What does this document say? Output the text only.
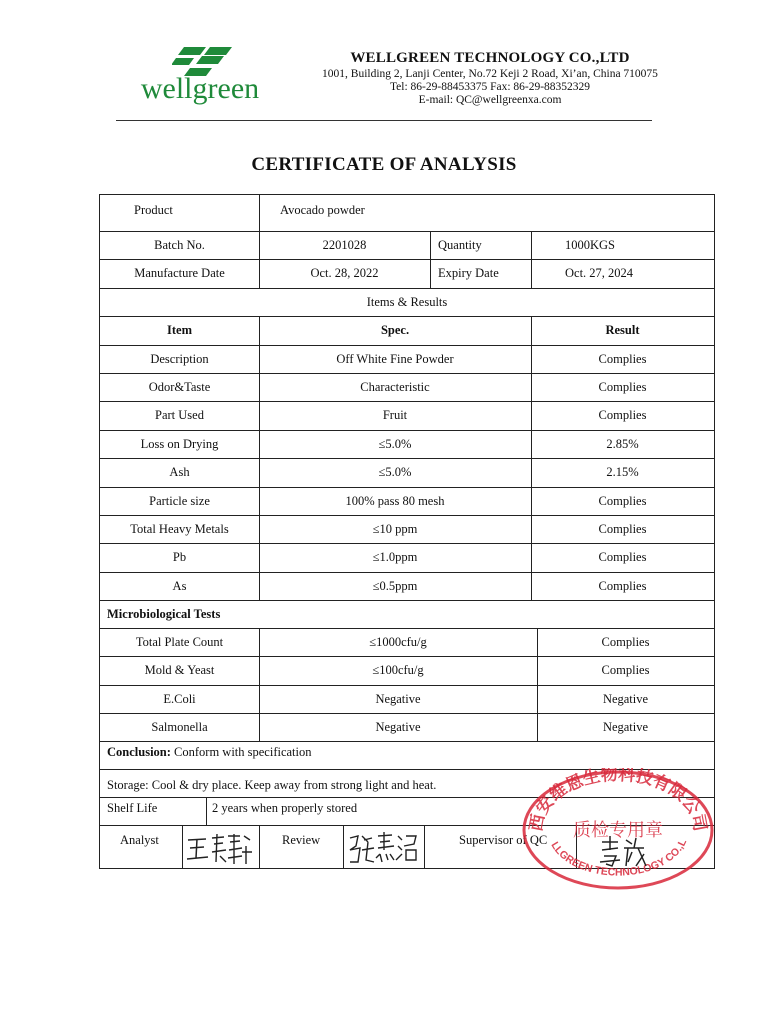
wellgreen
WELLGREEN TECHNOLOGY CO.,LTD
1001, Building 2, Lanji Center, No.72 Keji 2 Road, Xi’an, China 710075
Tel: 86-29-88453375 Fax: 86-29-88352329
E-mail: QC@wellgreenxa.com
CERTIFICATE OF ANALYSIS
Product	Avocado powder
Batch No.	2201028	Quantity	1000KGS
Manufacture Date	Oct. 28, 2022	Expiry Date	Oct. 27, 2024
Items & Results
Item	Spec.	Result
Description	Off White Fine Powder	Complies
Odor&Taste	Characteristic	Complies
Part Used	Fruit	Complies
Loss on Drying	≤5.0%	2.85%
Ash	≤5.0%	2.15%
Particle size	100% pass 80 mesh	Complies
Total Heavy Metals	≤10 ppm	Complies
Pb	≤1.0ppm	Complies
As	≤0.5ppm	Complies
Microbiological Tests
Total Plate Count	≤1000cfu/g	Complies
Mold & Yeast	≤100cfu/g	Complies
E.Coli	Negative	Negative
Salmonella	Negative	Negative
Conclusion: Conform with specification
Storage: Cool & dry place. Keep away from strong light and heat.
Shelf Life	2 years when properly stored
Analyst	Review	Supervisor of QC
西安维恩生物科技有限公司
质检专用章
LLGREEN TECHNOLOGY CO.,L
